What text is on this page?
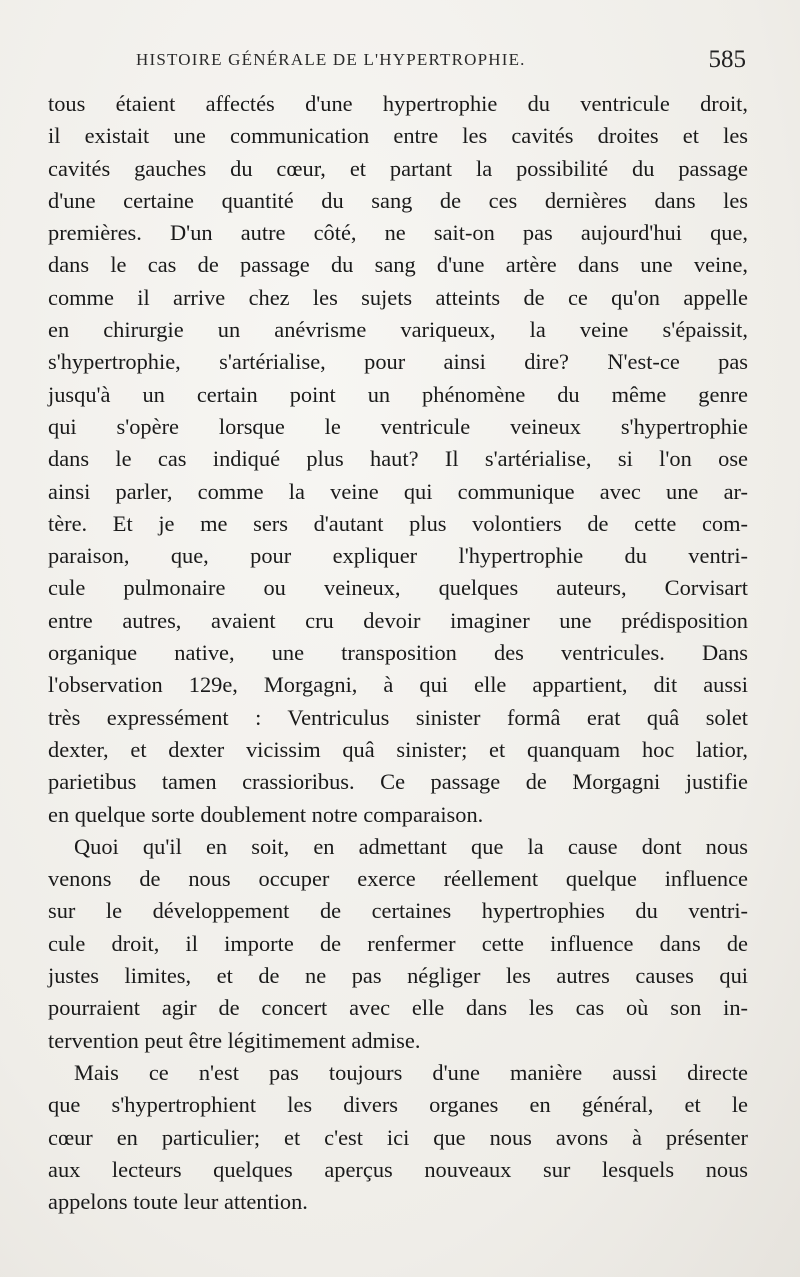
HISTOIRE GÉNÉRALE DE L'HYPERTROPHIE.	585
tous étaient affectés d'une hypertrophie du ventricule droit,
il existait une communication entre les cavités droites et les
cavités gauches du cœur, et partant la possibilité du passage
d'une certaine quantité du sang de ces dernières dans les
premières. D'un autre côté, ne sait-on pas aujourd'hui que,
dans le cas de passage du sang d'une artère dans une veine,
comme il arrive chez les sujets atteints de ce qu'on appelle
en chirurgie un anévrisme variqueux, la veine s'épaissit,
s'hypertrophie, s'artérialise, pour ainsi dire? N'est-ce pas
jusqu'à un certain point un phénomène du même genre
qui s'opère lorsque le ventricule veineux s'hypertrophie
dans le cas indiqué plus haut? Il s'artérialise, si l'on ose
ainsi parler, comme la veine qui communique avec une ar-
tère. Et je me sers d'autant plus volontiers de cette com-
paraison, que, pour expliquer l'hypertrophie du ventri-
cule pulmonaire ou veineux, quelques auteurs, Corvisart
entre autres, avaient cru devoir imaginer une prédisposition
organique native, une transposition des ventricules. Dans
l'observation 129e, Morgagni, à qui elle appartient, dit aussi
très expressément : Ventriculus sinister formâ erat quâ solet
dexter, et dexter vicissim quâ sinister; et quanquam hoc latior,
parietibus tamen crassioribus. Ce passage de Morgagni justifie
en quelque sorte doublement notre comparaison.
Quoi qu'il en soit, en admettant que la cause dont nous
venons de nous occuper exerce réellement quelque influence
sur le développement de certaines hypertrophies du ventri-
cule droit, il importe de renfermer cette influence dans de
justes limites, et de ne pas négliger les autres causes qui
pourraient agir de concert avec elle dans les cas où son in-
tervention peut être légitimement admise.
Mais ce n'est pas toujours d'une manière aussi directe
que s'hypertrophient les divers organes en général, et le
cœur en particulier; et c'est ici que nous avons à présenter
aux lecteurs quelques aperçus nouveaux sur lesquels nous
appelons toute leur attention.
